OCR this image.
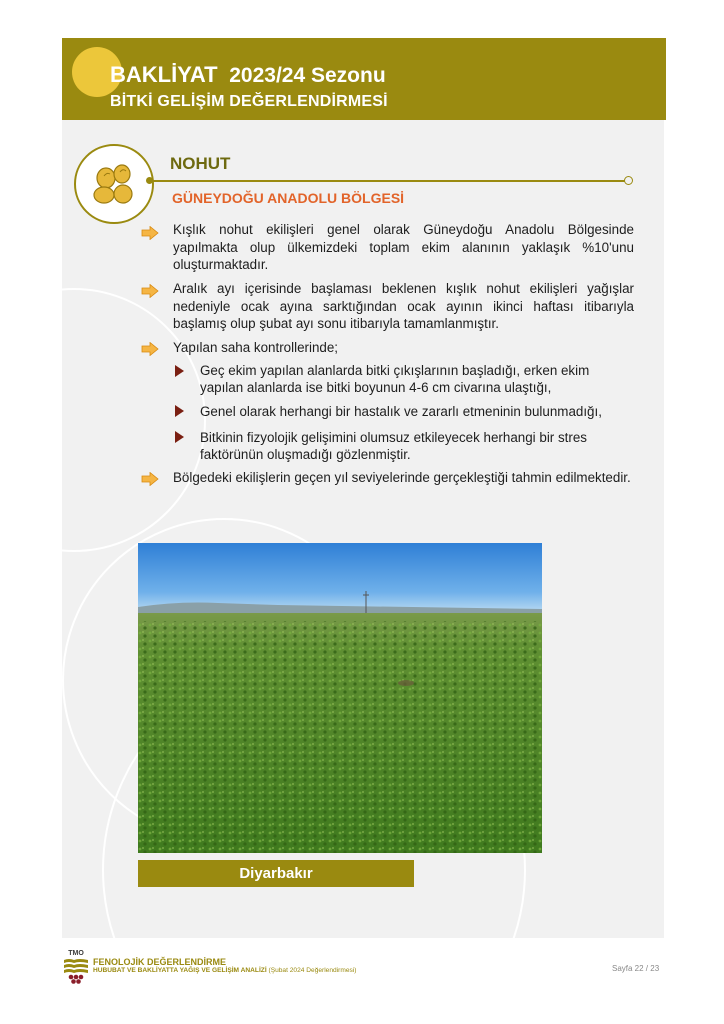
BAKLİYAT 2023/24 Sezonu
BİTKİ GELİŞİM DEĞERLENDİRMESİ
NOHUT
GÜNEYDOĞU ANADOLU BÖLGESİ
Kışlık nohut ekilişleri genel olarak Güneydoğu Anadolu Bölgesinde yapılmakta olup ülkemizdeki toplam ekim alanının yaklaşık %10'unu oluşturmaktadır.
Aralık ayı içerisinde başlaması beklenen kışlık nohut ekilişleri yağışlar nedeniyle ocak ayına sarktığından ocak ayının ikinci haftası itibarıyla başlamış olup şubat ayı sonu itibarıyla tamamlanmıştır.
Yapılan saha kontrollerinde;
Geç ekim yapılan alanlarda bitki çıkışlarının başladığı, erken ekim yapılan alanlarda ise bitki boyunun 4-6 cm civarına ulaştığı,
Genel olarak herhangi bir hastalık ve zararlı etmeninin bulunmadığı,
Bitkinin fizyolojik gelişimini olumsuz etkileyecek herhangi bir stres faktörünün oluşmadığı gözlenmiştir.
Bölgedeki ekilişlerin geçen yıl seviyelerinde gerçekleştiği tahmin edilmektedir.
Diyarbakır
TMO
FENOLOJİK DEĞERLENDİRME
HUBUBAT VE BAKLİYATTA YAĞIŞ VE GELİŞİM ANALİZİ (Şubat 2024 Değerlendirmesi)	Sayfa 22 / 23
